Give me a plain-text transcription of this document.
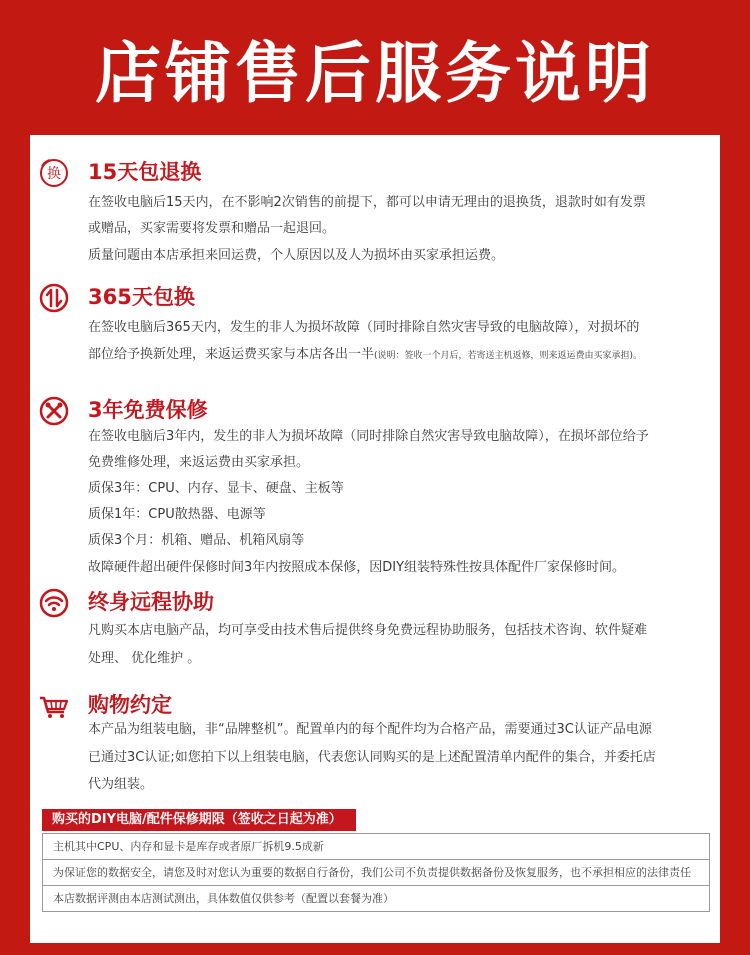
店铺售后服务说明
换 15天包退换
在签收电脑后15天内，在不影响2次销售的前提下，都可以申请无理由的退换货，退款时如有发票
或赠品，买家需要将发票和赠品一起退回。
质量问题由本店承担来回运费，个人原因以及人为损坏由买家承担运费。
365天包换
在签收电脑后365天内，发生的非人为损坏故障（同时排除自然灾害导致的电脑故障），对损坏的
部位给予换新处理，来返运费买家与本店各出一半(说明：签收一个月后，若寄送主机返修，则来返运费由买家承担)。
3年免费保修
在签收电脑后3年内，发生的非人为损坏故障（同时排除自然灾害导致电脑故障），在损坏部位给予
免费维修处理，来返运费由买家承担。
质保3年：CPU、内存、显卡、硬盘、主板等
质保1年：CPU散热器、电源等
质保3个月：机箱、赠品、机箱风扇等
故障硬件超出硬件保修时间3年内按照成本保修，因DIY组装特殊性按具体配件厂家保修时间。
终身远程协助
凡购买本店电脑产品，均可享受由技术售后提供终身免费远程协助服务，包括技术咨询、软件疑难
处理、 优化维护 。
购物约定
本产品为组装电脑，非“品牌整机”。配置单内的每个配件均为合格产品，需要通过3C认证产品电源
已通过3C认证;如您拍下以上组装电脑，代表您认同购买的是上述配置清单内配件的集合，并委托店
代为组装。
购买的DIY电脑/配件保修期限（签收之日起为准）
主机其中CPU、内存和显卡是库存或者原厂拆机9.5成新
为保证您的数据安全，请您及时对您认为重要的数据自行备份，我们公司不负责提供数据备份及恢复服务，也不承担相应的法律责任
本店数据评测由本店测试测出，具体数值仅供参考（配置以套餐为准）
